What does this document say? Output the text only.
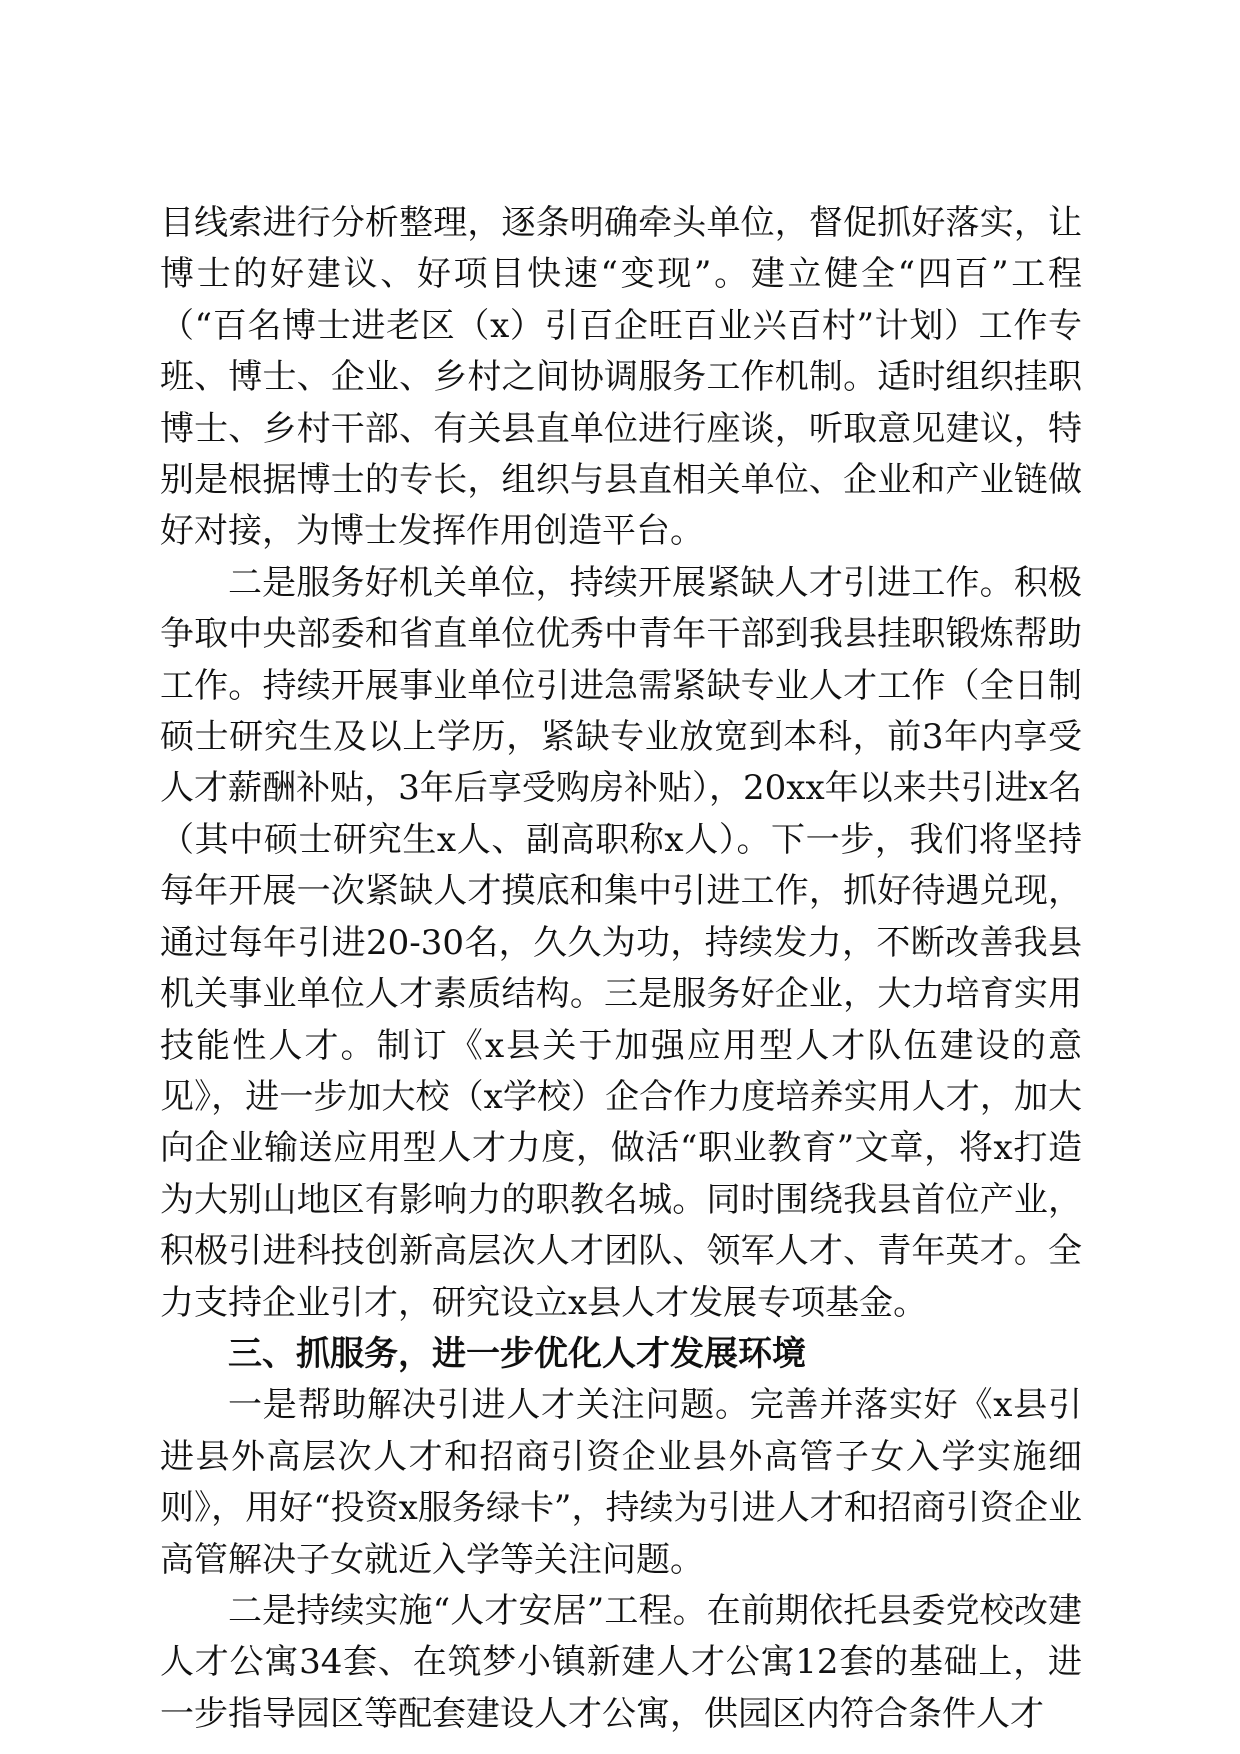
目线索进行分析整理，逐条明确牵头单位，督促抓好落实，让博士的好建议、好项目快速“变现”。建立健全“四百”工程（“百名博士进老区（x）引百企旺百业兴百村”计划）工作专班、博士、企业、乡村之间协调服务工作机制。适时组织挂职博士、乡村干部、有关县直单位进行座谈，听取意见建议，特别是根据博士的专长，组织与县直相关单位、企业和产业链做好对接，为博士发挥作用创造平台。

二是服务好机关单位，持续开展紧缺人才引进工作。积极争取中央部委和省直单位优秀中青年干部到我县挂职锻炼帮助工作。持续开展事业单位引进急需紧缺专业人才工作（全日制硕士研究生及以上学历，紧缺专业放宽到本科，前3年内享受人才薪酬补贴，3年后享受购房补贴），20xx年以来共引进x名（其中硕士研究生x人、副高职称x人）。下一步，我们将坚持每年开展一次紧缺人才摸底和集中引进工作，抓好待遇兑现，通过每年引进20-30名，久久为功，持续发力，不断改善我县机关事业单位人才素质结构。三是服务好企业，大力培育实用技能性人才。制订《x县关于加强应用型人才队伍建设的意见》，进一步加大校（x学校）企合作力度培养实用人才，加大向企业输送应用型人才力度，做活“职业教育”文章，将x打造为大别山地区有影响力的职教名城。同时围绕我县首位产业，积极引进科技创新高层次人才团队、领军人才、青年英才。全力支持企业引才，研究设立x县人才发展专项基金。

三、抓服务，进一步优化人才发展环境

一是帮助解决引进人才关注问题。完善并落实好《x县引进县外高层次人才和招商引资企业县外高管子女入学实施细则》，用好“投资x服务绿卡”，持续为引进人才和招商引资企业高管解决子女就近入学等关注问题。

二是持续实施“人才安居”工程。在前期依托县委党校改建人才公寓34套、在筑梦小镇新建人才公寓12套的基础上，进一步指导园区等配套建设人才公寓，供园区内符合条件人才
